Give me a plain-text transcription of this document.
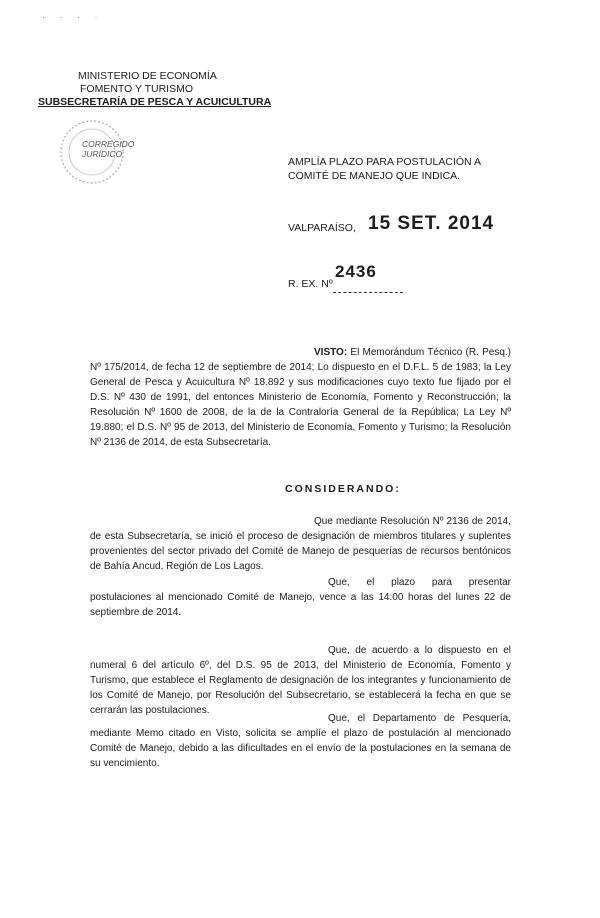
· · · ·
MINISTERIO DE ECONOMÍA
FOMENTO Y TURISMO
SUBSECRETARÍA DE PESCA Y ACUICULTURA
CORREGIDO
JURÍDICO
AMPLÍA PLAZO PARA POSTULACIÓN A COMITÉ DE MANEJO QUE INDICA.
VALPARAÍSO, 15 SET. 2014
R. EX. Nº
2436
VISTO: El Memorándum Técnico (R. Pesq.) Nº 175/2014, de fecha 12 de septiembre de 2014; Lo dispuesto en el D.F.L. 5 de 1983; la Ley General de Pesca y Acuicultura Nº 18.892 y sus modificaciones cuyo texto fue fijado por el D.S. Nº 430 de 1991, del entonces Ministerio de Economía, Fomento y Reconstrucción; la Resolución Nº 1600 de 2008, de la de la Contraloría General de la República; La Ley Nº 19.880; el D.S. Nº 95 de 2013, del Ministerio de Economía, Fomento y Turismo; la Resolución Nº 2136 de 2014, de esta Subsecretaría.
CONSIDERANDO:
Que mediante Resolución Nº 2136 de 2014, de esta Subsecretaría, se inició el proceso de designación de miembros titulares y suplentes provenientes del sector privado del Comité de Manejo de pesquerías de recursos bentónicos de Bahía Ancud, Región de Los Lagos.
Que, el plazo para presentar postulaciones al mencionado Comité de Manejo, vence a las 14:00 horas del lunes 22 de septiembre de 2014.
Que, de acuerdo a lo dispuesto en el numeral 6 del artículo 6º, del D.S. 95 de 2013, del Ministerio de Economía, Fomento y Turismo, que establece el Reglamento de designación de los integrantes y funcionamiento de los Comité de Manejo, por Resolución del Subsecretario, se establecerá la fecha en que se cerrarán las postulaciones.
Que, el Departamento de Pesquería, mediante Memo citado en Visto, solicita se amplíe el plazo de postulación al mencionado Comité de Manejo, debido a las dificultades en el envío de la postulaciones en la semana de su vencimiento.
